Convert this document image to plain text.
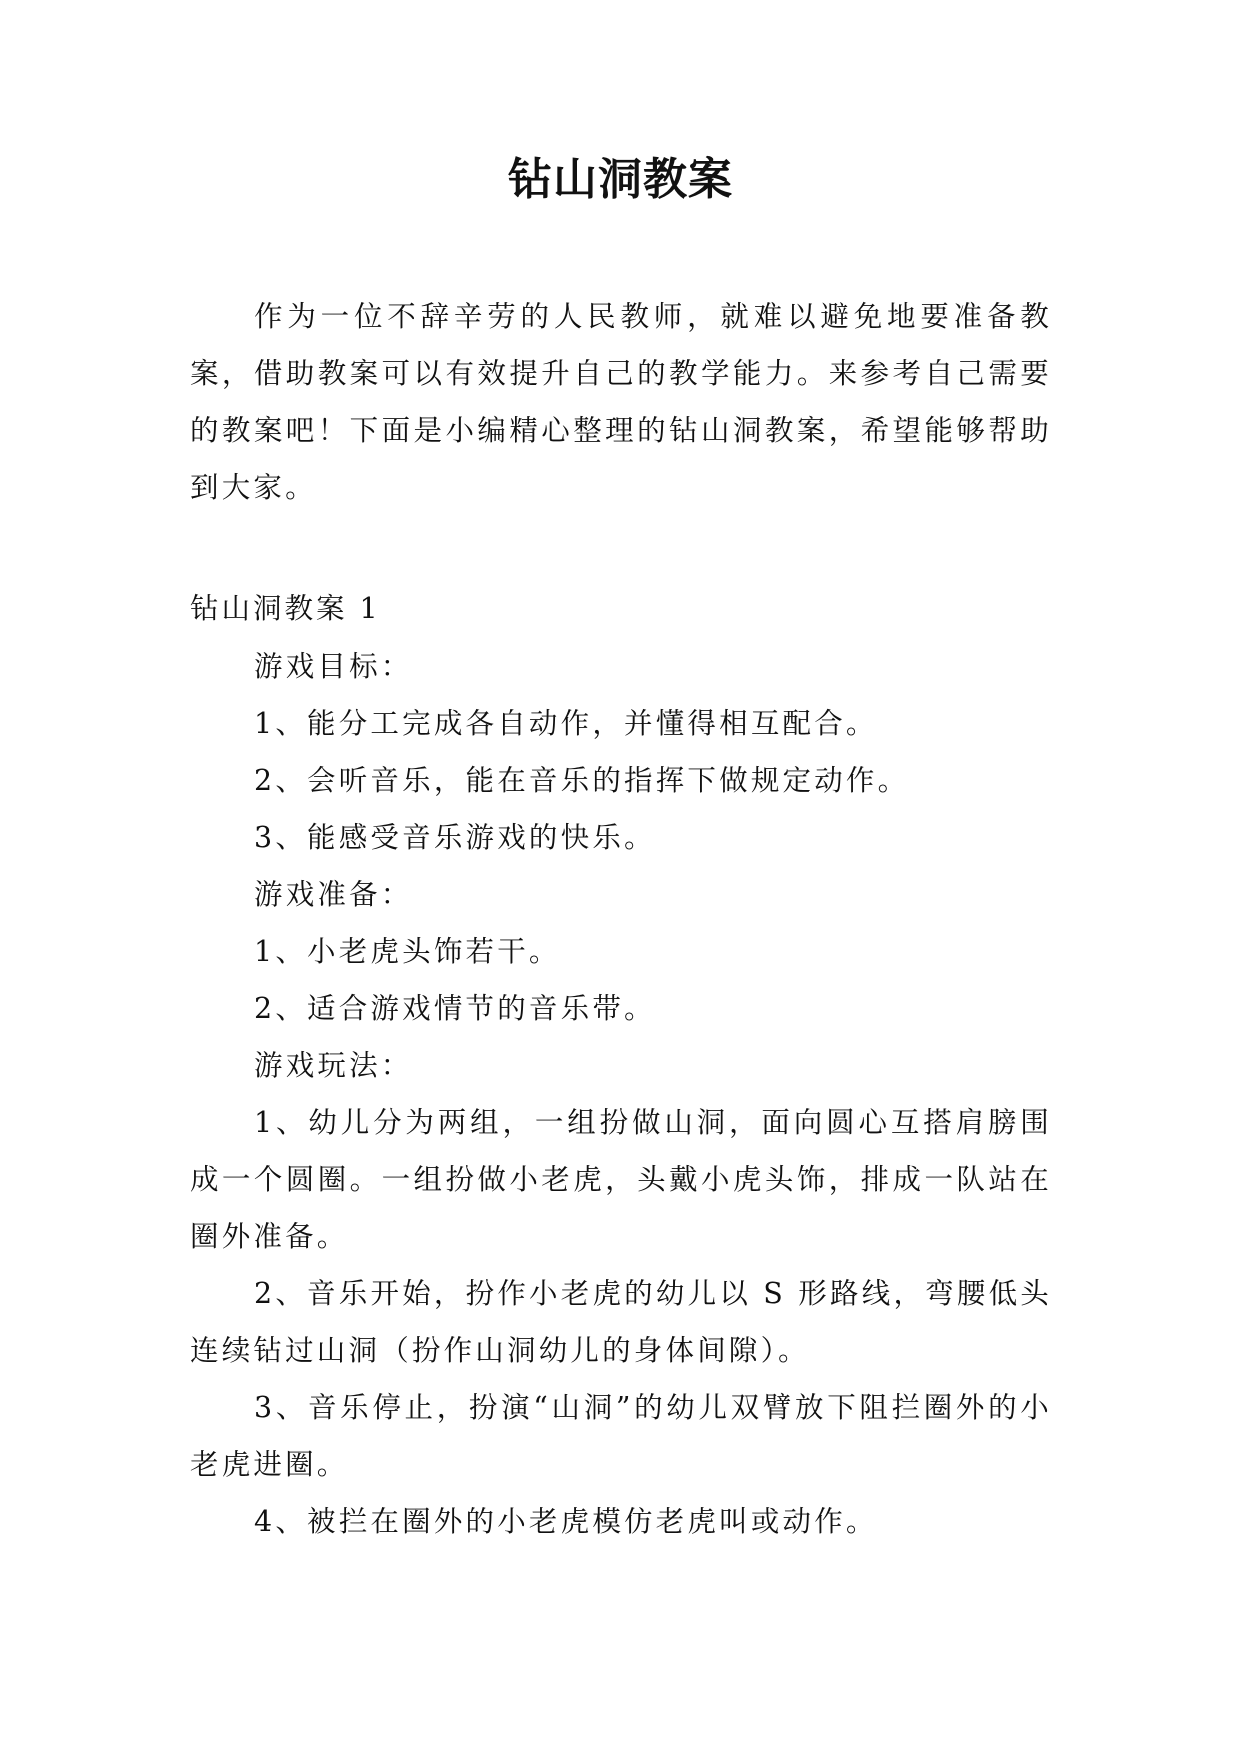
钻山洞教案

作为一位不辞辛劳的人民教师，就难以避免地要准备教案，借助教案可以有效提升自己的教学能力。来参考自己需要的教案吧！下面是小编精心整理的钻山洞教案，希望能够帮助到大家。

钻山洞教案 1

游戏目标：

1、能分工完成各自动作，并懂得相互配合。

2、会听音乐，能在音乐的指挥下做规定动作。

3、能感受音乐游戏的快乐。

游戏准备：

1、小老虎头饰若干。

2、适合游戏情节的音乐带。

游戏玩法：

1、幼儿分为两组，一组扮做山洞，面向圆心互搭肩膀围成一个圆圈。一组扮做小老虎，头戴小虎头饰，排成一队站在圈外准备。

2、音乐开始，扮作小老虎的幼儿以 S 形路线，弯腰低头连续钻过山洞（扮作山洞幼儿的身体间隙）。

3、音乐停止，扮演“山洞”的幼儿双臂放下阻拦圈外的小老虎进圈。

4、被拦在圈外的小老虎模仿老虎叫或动作。
